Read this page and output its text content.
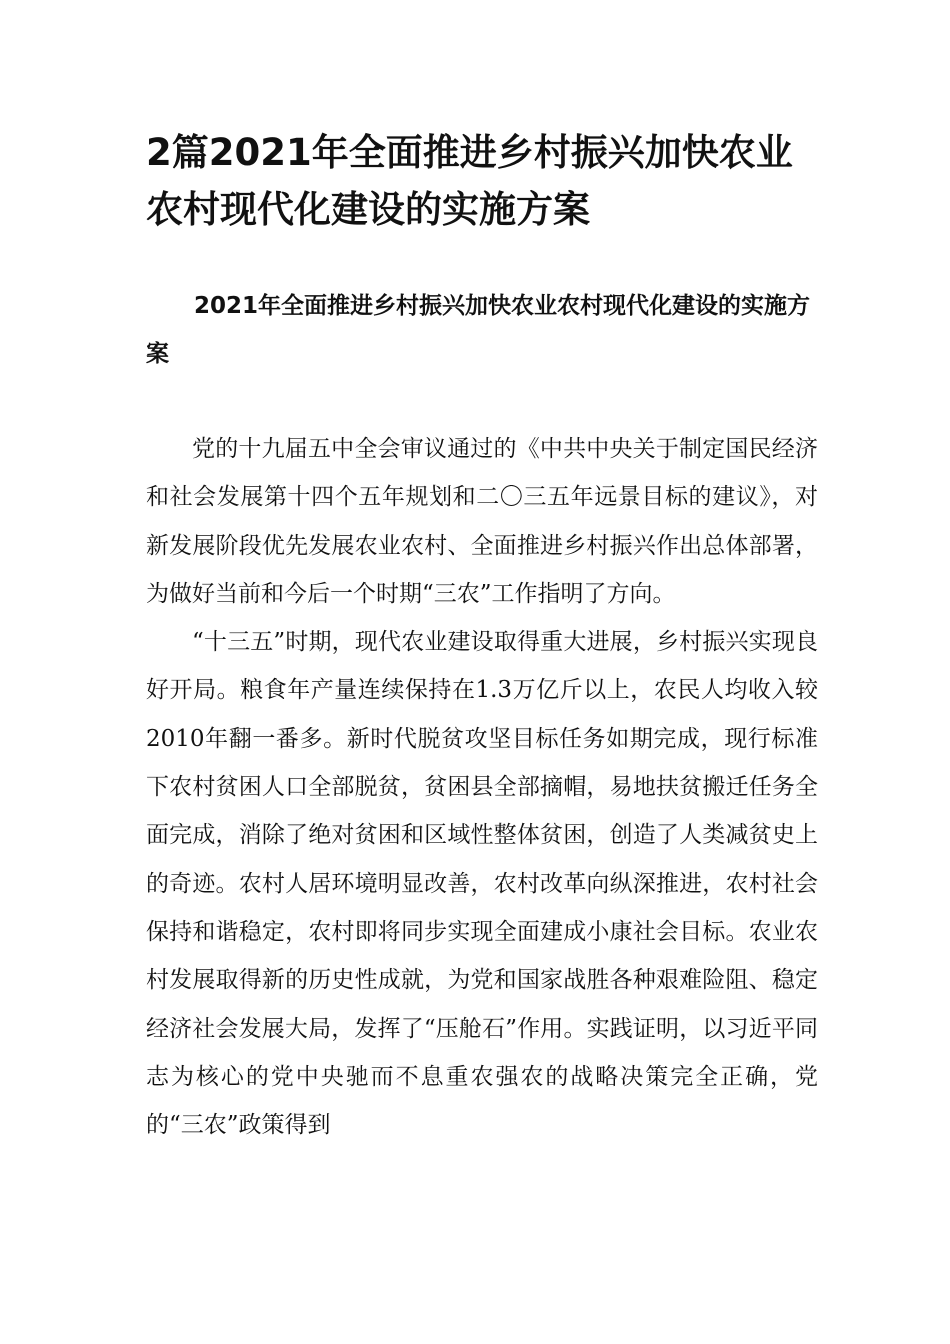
2篇2021年全面推进乡村振兴加快农业农村现代化建设的实施方案
2021年全面推进乡村振兴加快农业农村现代化建设的实施方案

党的十九届五中全会审议通过的《中共中央关于制定国民经济和社会发展第十四个五年规划和二〇三五年远景目标的建议》，对新发展阶段优先发展农业农村、全面推进乡村振兴作出总体部署，为做好当前和今后一个时期“三农”工作指明了方向。

“十三五”时期，现代农业建设取得重大进展，乡村振兴实现良好开局。粮食年产量连续保持在1.3万亿斤以上，农民人均收入较2010年翻一番多。新时代脱贫攻坚目标任务如期完成，现行标准下农村贫困人口全部脱贫，贫困县全部摘帽，易地扶贫搬迁任务全面完成，消除了绝对贫困和区域性整体贫困，创造了人类减贫史上的奇迹。农村人居环境明显改善，农村改革向纵深推进，农村社会保持和谐稳定，农村即将同步实现全面建成小康社会目标。农业农村发展取得新的历史性成就，为党和国家战胜各种艰难险阻、稳定经济社会发展大局，发挥了“压舱石”作用。实践证明，以习近平同志为核心的党中央驰而不息重农强农的战略决策完全正确，党的“三农”政策得到
